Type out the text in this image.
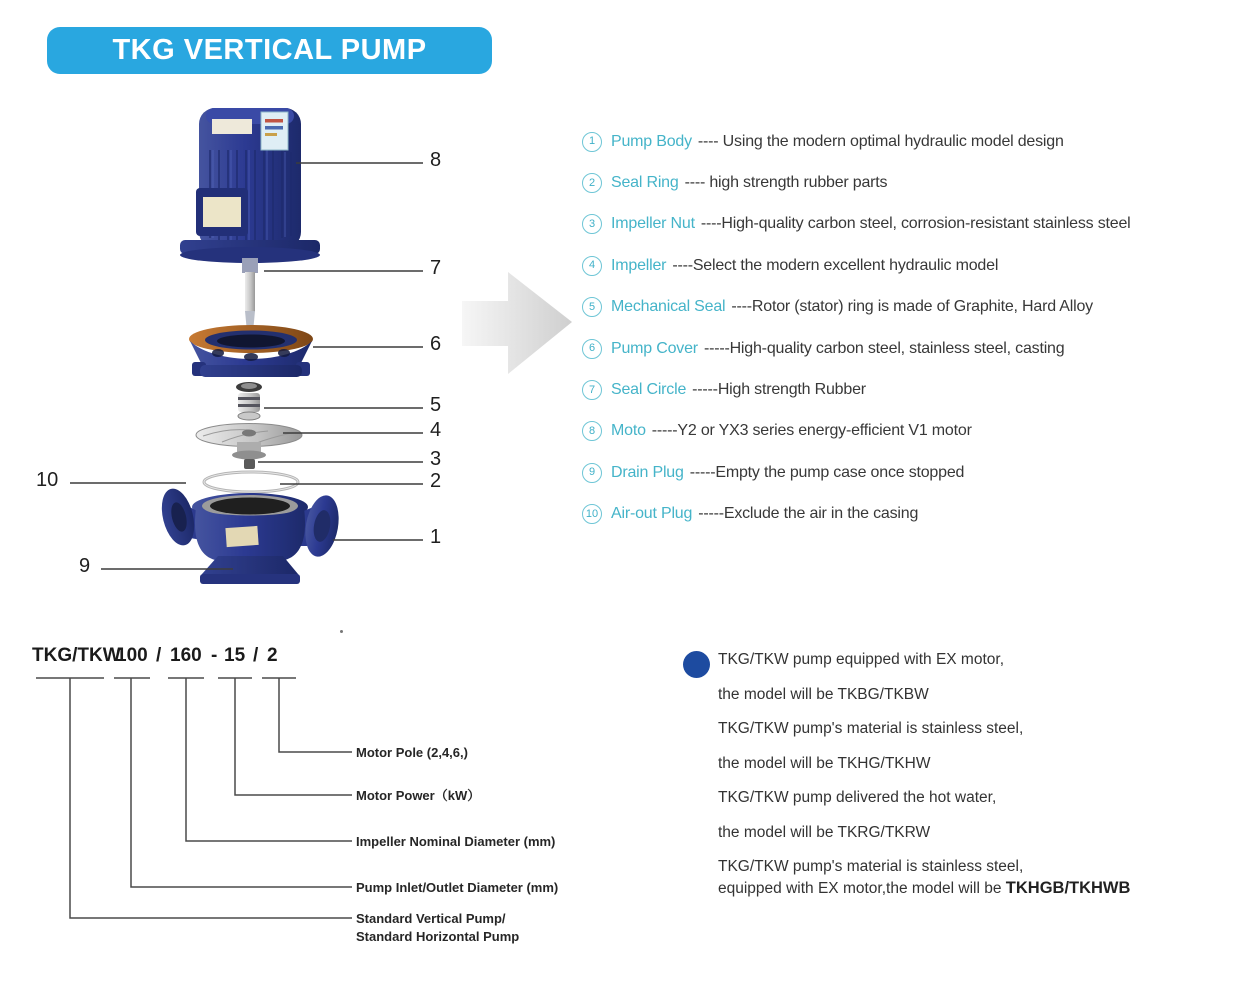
TKG VERTICAL PUMP
8
7
6
5
4
3
2
1
10
9
1 Pump Body ---- Using the modern optimal hydraulic model design
2 Seal Ring ---- high strength rubber parts
3 Impeller Nut ----High-quality carbon steel, corrosion-resistant stainless steel
4 Impeller ----Select the modern excellent hydraulic model
5 Mechanical Seal ----Rotor (stator) ring is made of Graphite, Hard Alloy
6 Pump Cover -----High-quality carbon steel, stainless steel, casting
7 Seal Circle -----High strength Rubber
8 Moto -----Y2 or YX3 series energy-efficient V1 motor
9 Drain Plug -----Empty the pump case once stopped
10 Air-out Plug -----Exclude the air in the casing
TKG/TKW
100 / 160 - 15 / 2
Motor Pole (2,4,6,)
Motor Power（kW）
Impeller Nominal Diameter (mm)
Pump Inlet/Outlet Diameter (mm)
Standard Vertical Pump/
Standard Horizontal Pump
TKG/TKW pump equipped with EX motor,
the model will be TKBG/TKBW
TKG/TKW pump's material is stainless steel,
the model will be TKHG/TKHW
TKG/TKW pump delivered the hot water,
the model will be TKRG/TKRW
TKG/TKW pump's material is stainless steel,
equipped with EX motor,the model will be TKHGB/TKHWB
